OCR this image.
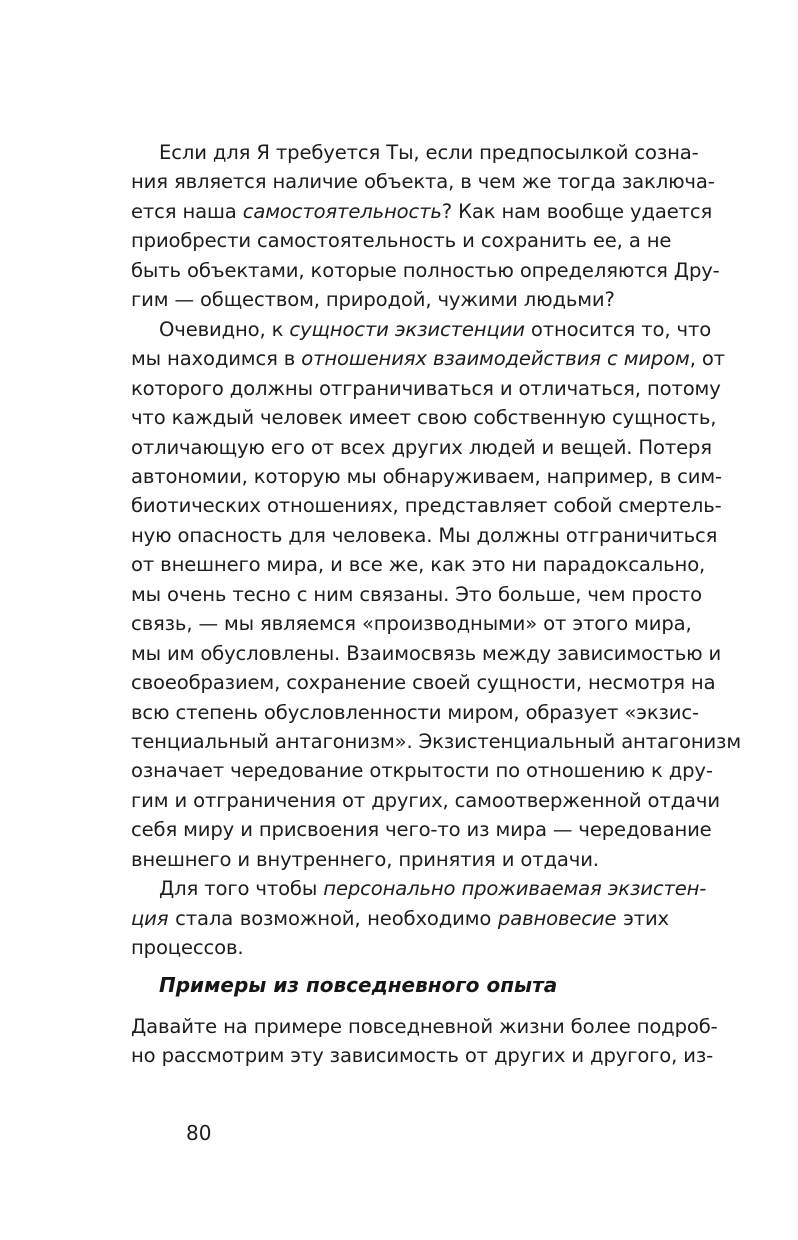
Если для Я требуется Ты, если предпосылкой созна-
ния является наличие объекта, в чем же тогда заключа-
ется наша самостоятельность? Как нам вообще удается
приобрести самостоятельность и сохранить ее, а не
быть объектами, которые полностью определяются Дру-
гим — обществом, природой, чужими людьми?
Очевидно, к сущности экзистенции относится то, что
мы находимся в отношениях взаимодействия с миром, от
которого должны отграничиваться и отличаться, потому
что каждый человек имеет свою собственную сущность,
отличающую его от всех других людей и вещей. Потеря
автономии, которую мы обнаруживаем, например, в сим-
биотических отношениях, представляет собой смертель-
ную опасность для человека. Мы должны отграничиться
от внешнего мира, и все же, как это ни парадоксально,
мы очень тесно с ним связаны. Это больше, чем просто
связь, — мы являемся «производными» от этого мира,
мы им обусловлены. Взаимосвязь между зависимостью и
своеобразием, сохранение своей сущности, несмотря на
всю степень обусловленности миром, образует «экзис-
тенциальный антагонизм». Экзистенциальный антагонизм
означает чередование открытости по отношению к дру-
гим и отграничения от других, самоотверженной отдачи
себя миру и присвоения чего-то из мира — чередование
внешнего и внутреннего, принятия и отдачи.
Для того чтобы персонально проживаемая экзистен-
ция стала возможной, необходимо равновесие этих
процессов.
Примеры из повседневного опыта
Давайте на примере повседневной жизни более подроб-
но рассмотрим эту зависимость от других и другого, из-
80
